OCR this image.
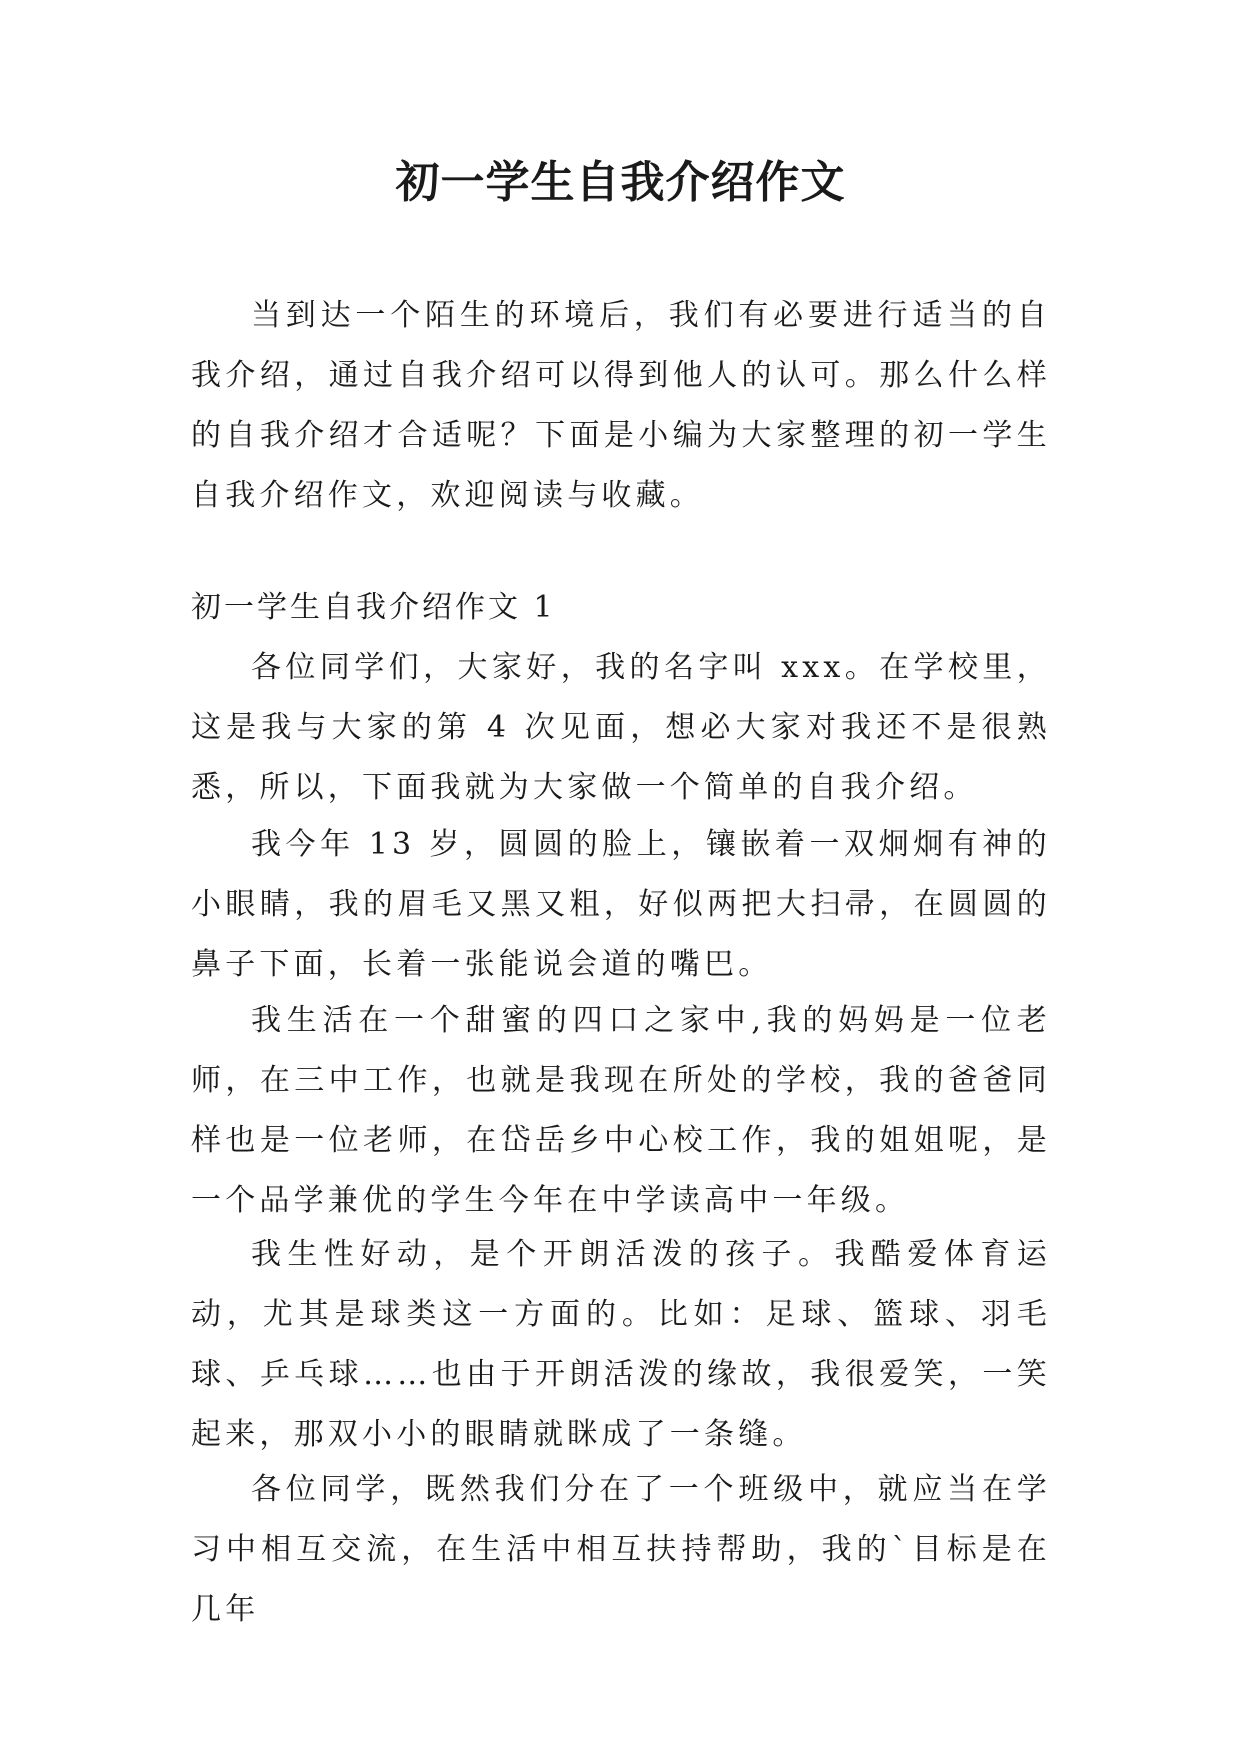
初一学生自我介绍作文

当到达一个陌生的环境后，我们有必要进行适当的自我介绍，通过自我介绍可以得到他人的认可。那么什么样的自我介绍才合适呢？下面是小编为大家整理的初一学生自我介绍作文，欢迎阅读与收藏。

初一学生自我介绍作文 1

各位同学们，大家好，我的名字叫 xxx。在学校里，这是我与大家的第 4 次见面，想必大家对我还不是很熟悉，所以，下面我就为大家做一个简单的自我介绍。

我今年 13 岁，圆圆的脸上，镶嵌着一双炯炯有神的小眼睛，我的眉毛又黑又粗，好似两把大扫帚，在圆圆的鼻子下面，长着一张能说会道的嘴巴。

我生活在一个甜蜜的四口之家中,我的妈妈是一位老师，在三中工作，也就是我现在所处的学校，我的爸爸同样也是一位老师，在岱岳乡中心校工作，我的姐姐呢，是一个品学兼优的学生今年在中学读高中一年级。

我生性好动，是个开朗活泼的孩子。我酷爱体育运动，尤其是球类这一方面的。比如：足球、篮球、羽毛球、乒乓球……也由于开朗活泼的缘故，我很爱笑，一笑起来，那双小小的眼睛就眯成了一条缝。

各位同学，既然我们分在了一个班级中，就应当在学习中相互交流，在生活中相互扶持帮助，我的`目标是在几年
